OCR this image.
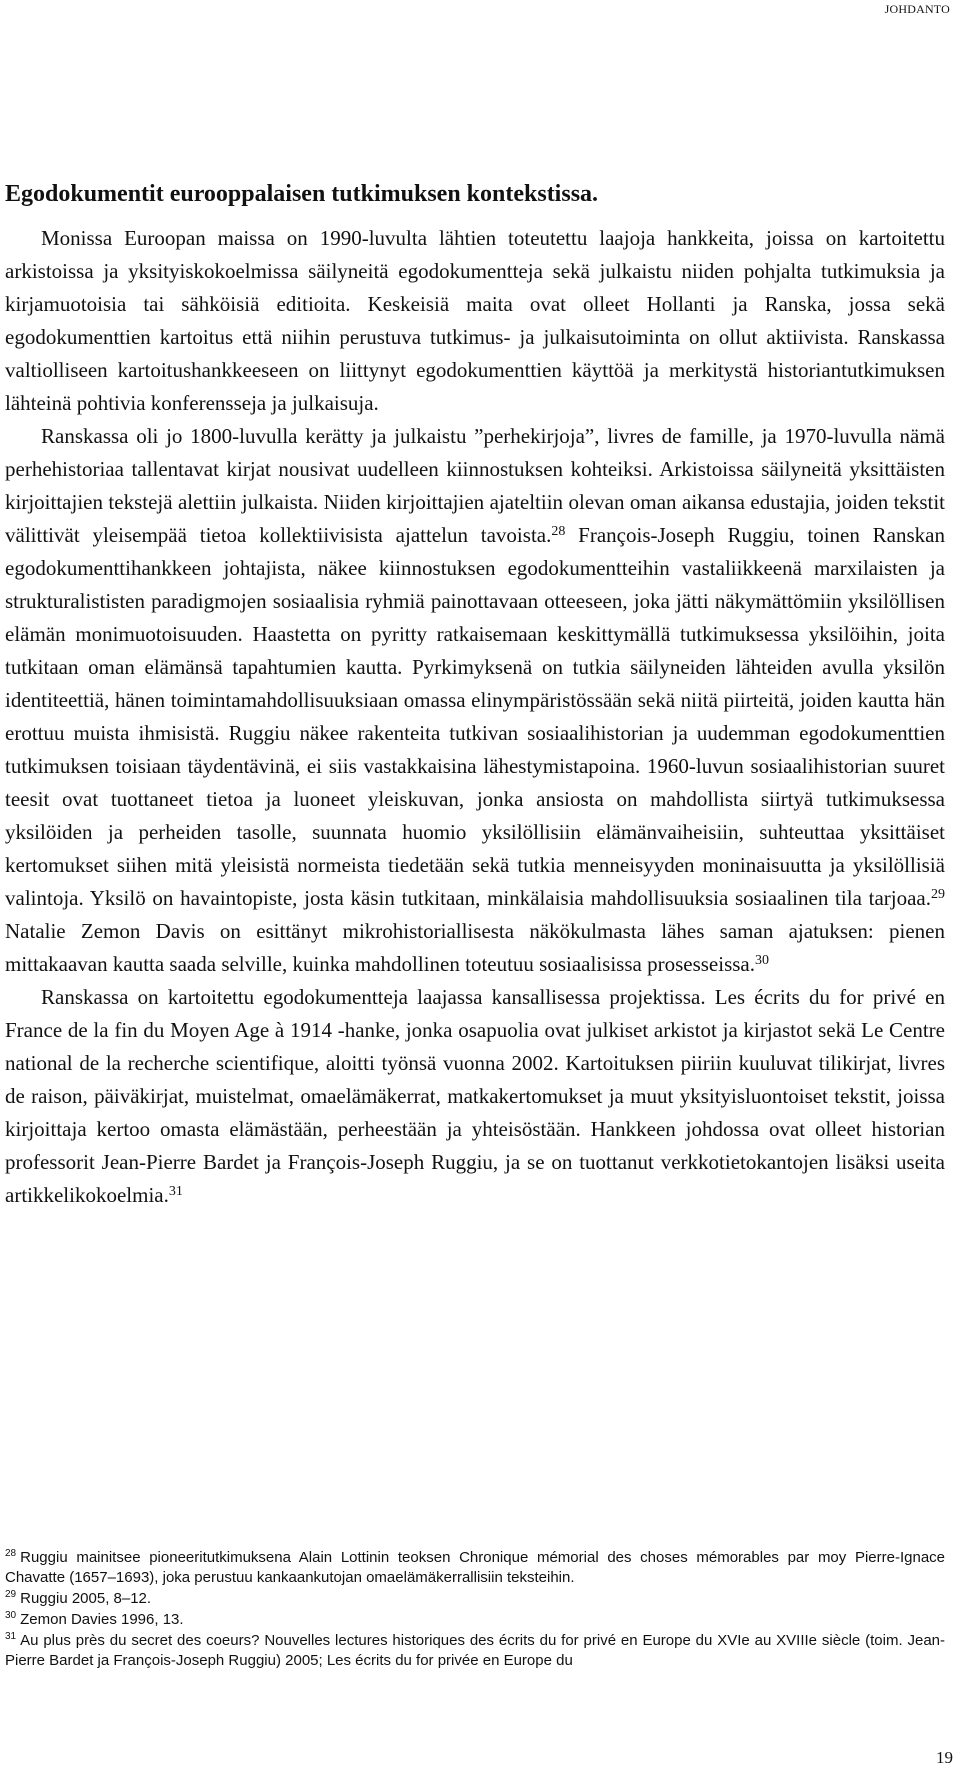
JOHDANTO
Egodokumentit eurooppalaisen tutkimuksen kontekstissa.

Monissa Euroopan maissa on 1990-luvulta lähtien toteutettu laajoja hankkeita, joissa on kartoitettu arkistoissa ja yksityiskokoelmissa säilyneitä egodokumentteja sekä julkaistu niiden pohjalta tutkimuksia ja kirjamuotoisia tai sähköisiä editioita. Keskeisiä maita ovat olleet Hollanti ja Ranska, jossa sekä egodokumenttien kartoitus että niihin perustuva tutkimus- ja julkaisutoiminta on ollut aktiivista. Ranskassa valtiolliseen kartoitushankkeeseen on liittynyt egodokumenttien käyttöä ja merkitystä historiantutkimuksen lähteinä pohtivia konferensseja ja julkaisuja.

Ranskassa oli jo 1800-luvulla kerätty ja julkaistu ”perhekirjoja”, livres de famille, ja 1970-luvulla nämä perhehistoriaa tallentavat kirjat nousivat uudelleen kiinnostuksen kohteiksi. Arkistoissa säilyneitä yksittäisten kirjoittajien tekstejä alettiin julkaista. Niiden kirjoittajien ajateltiin olevan oman aikansa edustajia, joiden tekstit välittivät yleisempää tietoa kollektiivisista ajattelun tavoista.$^{28}$ François-Joseph Ruggiu, toinen Ranskan egodokumenttihankkeen johtajista, näkee kiinnostuksen egodokumentteihin vastaliikkeenä marxilaisten ja strukturalististen paradigmojen sosiaalisia ryhmiä painottavaan otteeseen, joka jätti näkymättömiin yksilöllisen elämän monimuotoisuuden. Haastetta on pyritty ratkaisemaan keskittymällä tutkimuksessa yksilöihin, joita tutkitaan oman elämänsä tapahtumien kautta. Pyrkimyksenä on tutkia säilyneiden lähteiden avulla yksilön identiteettiä, hänen toimintamahdollisuuksiaan omassa elinympäristössään sekä niitä piirteitä, joiden kautta hän erottuu muista ihmisistä. Ruggiu näkee rakenteita tutkivan sosiaalihistorian ja uudemman egodokumenttien tutkimuksen toisiaan täydentävinä, ei siis vastakkaisina lähestymistapoina. 1960-luvun sosiaalihistorian suuret teesit ovat tuottaneet tietoa ja luoneet yleiskuvan, jonka ansiosta on mahdollista siirtyä tutkimuksessa yksilöiden ja perheiden tasolle, suunnata huomio yksilöllisiin elämänvaiheisiin, suhteuttaa yksittäiset kertomukset siihen mitä yleisistä normeista tiedetään sekä tutkia menneisyyden moninaisuutta ja yksilöllisiä valintoja. Yksilö on havaintopiste, josta käsin tutkitaan, minkälaisia mahdollisuuksia sosiaalinen tila tarjoaa.$^{29}$ Natalie Zemon Davis on esittänyt mikrohistoriallisesta näkökulmasta lähes saman ajatuksen: pienen mittakaavan kautta saada selville, kuinka mahdollinen toteutuu sosiaalisissa prosesseissa.$^{30}$

Ranskassa on kartoitettu egodokumentteja laajassa kansallisessa projektissa. Les écrits du for privé en France de la fin du Moyen Age à 1914 -hanke, jonka osapuolia ovat julkiset arkistot ja kirjastot sekä Le Centre national de la recherche scientifique, aloitti työnsä vuonna 2002. Kartoituksen piiriin kuuluvat tilikirjat, livres de raison, päiväkirjat, muistelmat, omaelämäkerrat, matkakertomukset ja muut yksityisluontoiset tekstit, joissa kirjoittaja kertoo omasta elämästään, perheestään ja yhteisöstään. Hankkeen johdossa ovat olleet historian professorit Jean-Pierre Bardet ja François-Joseph Ruggiu, ja se on tuottanut verkkotietokantojen lisäksi useita artikkelikokoelmia.$^{31}$

$^{28}$ Ruggiu mainitsee pioneeritutkimuksena Alain Lottinin teoksen Chronique mémorial des choses mémorables par moy Pierre-Ignace Chavatte (1657–1693), joka perustuu kankaankutojan omaelämäkerrallisiin teksteihin.

$^{29}$ Ruggiu 2005, 8–12.

$^{30}$ Zemon Davies 1996, 13.

$^{31}$ Au plus près du secret des coeurs? Nouvelles lectures historiques des écrits du for privé en Europe du XVIe au XVIIIe siècle (toim. Jean-Pierre Bardet ja François-Joseph Ruggiu) 2005; Les écrits du for privée en Europe du

19
